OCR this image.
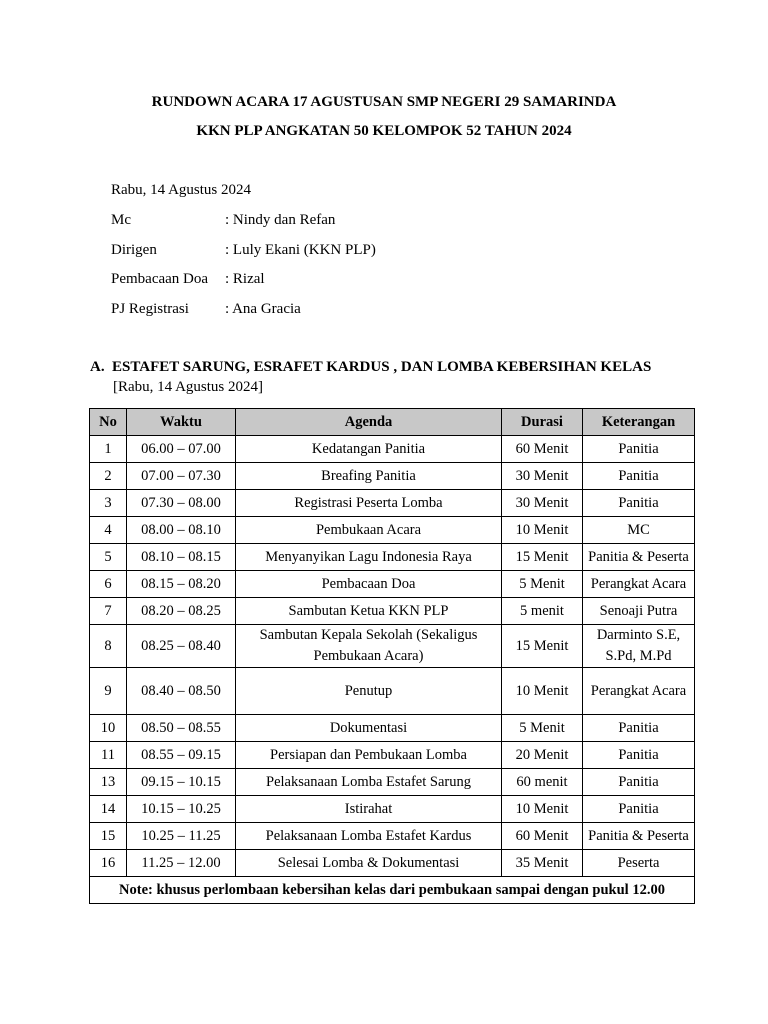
RUNDOWN ACARA 17 AGUSTUSAN SMP NEGERI 29 SAMARINDA
KKN PLP ANGKATAN 50 KELOMPOK 52 TAHUN 2024
Rabu, 14 Agustus 2024
Mc	: Nindy dan Refan
Dirigen	: Luly Ekani (KKN PLP)
Pembacaan Doa : Rizal
PJ Registrasi : Ana Gracia
A. ESTAFET SARUNG, ESRAFET KARDUS , DAN LOMBA KEBERSIHAN KELAS
[Rabu, 14 Agustus 2024]
No	Waktu	Agenda	Durasi	Keterangan
1	06.00 – 07.00	Kedatangan Panitia	60 Menit	Panitia
2	07.00 – 07.30	Breafing Panitia	30 Menit	Panitia
3	07.30 – 08.00	Registrasi Peserta Lomba	30 Menit	Panitia
4	08.00 – 08.10	Pembukaan Acara	10 Menit	MC
5	08.10 – 08.15	Menyanyikan Lagu Indonesia Raya	15 Menit	Panitia & Peserta
6	08.15 – 08.20	Pembacaan Doa	5 Menit	Perangkat Acara
7	08.20 – 08.25	Sambutan Ketua KKN PLP	5 menit	Senoaji Putra
8	08.25 – 08.40	Sambutan Kepala Sekolah (Sekaligus Pembukaan Acara)	15 Menit	Darminto S.E, S.Pd, M.Pd
9	08.40 – 08.50	Penutup	10 Menit	Perangkat Acara
10	08.50 – 08.55	Dokumentasi	5 Menit	Panitia
11	08.55 – 09.15	Persiapan dan Pembukaan Lomba	20 Menit	Panitia
13	09.15 – 10.15	Pelaksanaan Lomba Estafet Sarung	60 menit	Panitia
14	10.15 – 10.25	Istirahat	10 Menit	Panitia
15	10.25 – 11.25	Pelaksanaan Lomba Estafet Kardus	60 Menit	Panitia & Peserta
16	11.25 – 12.00	Selesai Lomba & Dokumentasi	35 Menit	Peserta
Note: khusus perlombaan kebersihan kelas dari pembukaan sampai dengan pukul 12.00				
